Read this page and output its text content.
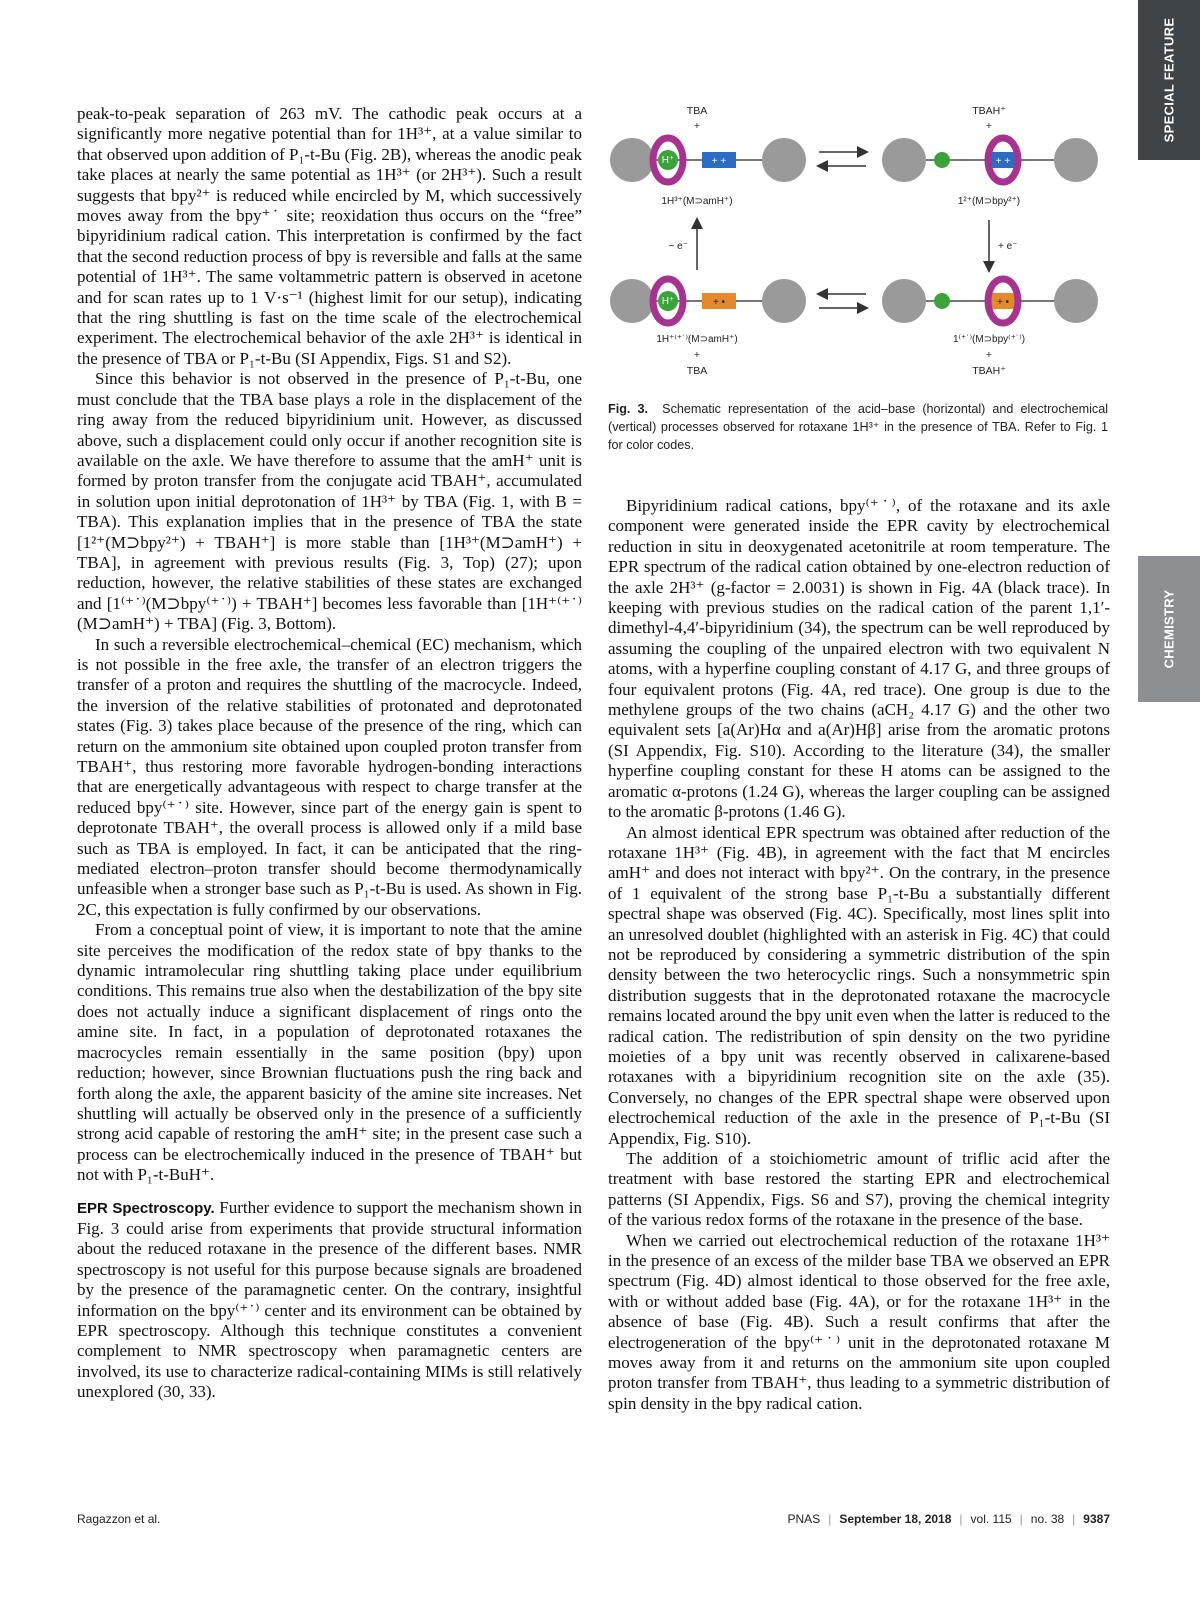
SPECIAL FEATURE
CHEMISTRY

peak-to-peak separation of 263 mV. The cathodic peak occurs at a significantly more negative potential than for 1H³⁺, at a value similar to that observed upon addition of P₁-t-Bu (Fig. 2B), whereas the anodic peak take places at nearly the same potential as 1H³⁺ (or 2H³⁺). Such a result suggests that bpy²⁺ is reduced while encircled by M, which successively moves away from the bpy⁺˙ site; reoxidation thus occurs on the “free” bipyridinium radical cation. This interpretation is confirmed by the fact that the second reduction process of bpy is reversible and falls at the same potential of 1H³⁺. The same voltammetric pattern is observed in acetone and for scan rates up to 1 V·s⁻¹ (highest limit for our setup), indicating that the ring shuttling is fast on the time scale of the electrochemical experiment. The electrochemical behavior of the axle 2H³⁺ is identical in the presence of TBA or P₁-t-Bu (SI Appendix, Figs. S1 and S2).

Since this behavior is not observed in the presence of P₁-t-Bu, one must conclude that the TBA base plays a role in the displacement of the ring away from the reduced bipyridinium unit. However, as discussed above, such a displacement could only occur if another recognition site is available on the axle. We have therefore to assume that the amH⁺ unit is formed by proton transfer from the conjugate acid TBAH⁺, accumulated in solution upon initial deprotonation of 1H³⁺ by TBA (Fig. 1, with B = TBA). This explanation implies that in the presence of TBA the state [1²⁺(M⊃bpy²⁺) + TBAH⁺] is more stable than [1H³⁺(M⊃amH⁺) + TBA], in agreement with previous results (Fig. 3, Top) (27); upon reduction, however, the relative stabilities of these states are exchanged and [1⁽⁺˙⁾(M⊃bpy⁽⁺˙⁾) + TBAH⁺] becomes less favorable than [1H⁺⁽⁺˙⁾(M⊃amH⁺) + TBA] (Fig. 3, Bottom).

In such a reversible electrochemical–chemical (EC) mechanism, which is not possible in the free axle, the transfer of an electron triggers the transfer of a proton and requires the shuttling of the macrocycle. Indeed, the inversion of the relative stabilities of protonated and deprotonated states (Fig. 3) takes place because of the presence of the ring, which can return on the ammonium site obtained upon coupled proton transfer from TBAH⁺, thus restoring more favorable hydrogen-bonding interactions that are energetically advantageous with respect to charge transfer at the reduced bpy⁽⁺˙⁾ site. However, since part of the energy gain is spent to deprotonate TBAH⁺, the overall process is allowed only if a mild base such as TBA is employed. In fact, it can be anticipated that the ring-mediated electron–proton transfer should become thermodynamically unfeasible when a stronger base such as P₁-t-Bu is used. As shown in Fig. 2C, this expectation is fully confirmed by our observations.

From a conceptual point of view, it is important to note that the amine site perceives the modification of the redox state of bpy thanks to the dynamic intramolecular ring shuttling taking place under equilibrium conditions. This remains true also when the destabilization of the bpy site does not actually induce a significant displacement of rings onto the amine site. In fact, in a population of deprotonated rotaxanes the macrocycles remain essentially in the same position (bpy) upon reduction; however, since Brownian fluctuations push the ring back and forth along the axle, the apparent basicity of the amine site increases. Net shuttling will actually be observed only in the presence of a sufficiently strong acid capable of restoring the amH⁺ site; in the present case such a process can be electrochemically induced in the presence of TBAH⁺ but not with P₁-t-BuH⁺.

EPR Spectroscopy. Further evidence to support the mechanism shown in Fig. 3 could arise from experiments that provide structural information about the reduced rotaxane in the presence of the different bases. NMR spectroscopy is not useful for this purpose because signals are broadened by the presence of the paramagnetic center. On the contrary, insightful information on the bpy⁽⁺˙⁾ center and its environment can be obtained by EPR spectroscopy. Although this technique constitutes a convenient complement to NMR spectroscopy when paramagnetic centers are involved, its use to characterize radical-containing MIMs is still relatively unexplored (30, 33).

TBA
+
H⁺	+ +
1H³⁺(M⊃amH⁺)
TBAH⁺
+
+ +
1²⁺(M⊃bpy²⁺)
− e⁻	+ e⁻
H⁺	+ •
1H⁺⁽⁺˙⁾(M⊃amH⁺)
+
TBA
+ •
1⁽⁺˙⁾(M⊃bpy⁽⁺˙⁾)
+
TBAH⁺
Fig. 3. Schematic representation of the acid–base (horizontal) and electrochemical (vertical) processes observed for rotaxane 1H³⁺ in the presence of TBA. Refer to Fig. 1 for color codes.

Bipyridinium radical cations, bpy⁽⁺˙⁾, of the rotaxane and its axle component were generated inside the EPR cavity by electrochemical reduction in situ in deoxygenated acetonitrile at room temperature. The EPR spectrum of the radical cation obtained by one-electron reduction of the axle 2H³⁺ (g-factor = 2.0031) is shown in Fig. 4A (black trace). In keeping with previous studies on the radical cation of the parent 1,1′-dimethyl-4,4′-bipyridinium (34), the spectrum can be well reproduced by assuming the coupling of the unpaired electron with two equivalent N atoms, with a hyperfine coupling constant of 4.17 G, and three groups of four equivalent protons (Fig. 4A, red trace). One group is due to the methylene groups of the two chains (aCH₂ 4.17 G) and the other two equivalent sets [a(Ar)Hα and a(Ar)Hβ] arise from the aromatic protons (SI Appendix, Fig. S10). According to the literature (34), the smaller hyperfine coupling constant for these H atoms can be assigned to the aromatic α-protons (1.24 G), whereas the larger coupling can be assigned to the aromatic β-protons (1.46 G).

An almost identical EPR spectrum was obtained after reduction of the rotaxane 1H³⁺ (Fig. 4B), in agreement with the fact that M encircles amH⁺ and does not interact with bpy²⁺. On the contrary, in the presence of 1 equivalent of the strong base P₁-t-Bu a substantially different spectral shape was observed (Fig. 4C). Specifically, most lines split into an unresolved doublet (highlighted with an asterisk in Fig. 4C) that could not be reproduced by considering a symmetric distribution of the spin density between the two heterocyclic rings. Such a nonsymmetric spin distribution suggests that in the deprotonated rotaxane the macrocycle remains located around the bpy unit even when the latter is reduced to the radical cation. The redistribution of spin density on the two pyridine moieties of a bpy unit was recently observed in calixarene-based rotaxanes with a bipyridinium recognition site on the axle (35). Conversely, no changes of the EPR spectral shape were observed upon electrochemical reduction of the axle in the presence of P₁-t-Bu (SI Appendix, Fig. S10).

The addition of a stoichiometric amount of triflic acid after the treatment with base restored the starting EPR and electrochemical patterns (SI Appendix, Figs. S6 and S7), proving the chemical integrity of the various redox forms of the rotaxane in the presence of the base.

When we carried out electrochemical reduction of the rotaxane 1H³⁺ in the presence of an excess of the milder base TBA we observed an EPR spectrum (Fig. 4D) almost identical to those observed for the free axle, with or without added base (Fig. 4A), or for the rotaxane 1H³⁺ in the absence of base (Fig. 4B). Such a result confirms that after the electrogeneration of the bpy⁽⁺˙⁾ unit in the deprotonated rotaxane M moves away from it and returns on the ammonium site upon coupled proton transfer from TBAH⁺, thus leading to a symmetric distribution of spin density in the bpy radical cation.

Ragazzon et al.	PNAS | September 18, 2018 | vol. 115 | no. 38 | 9387
